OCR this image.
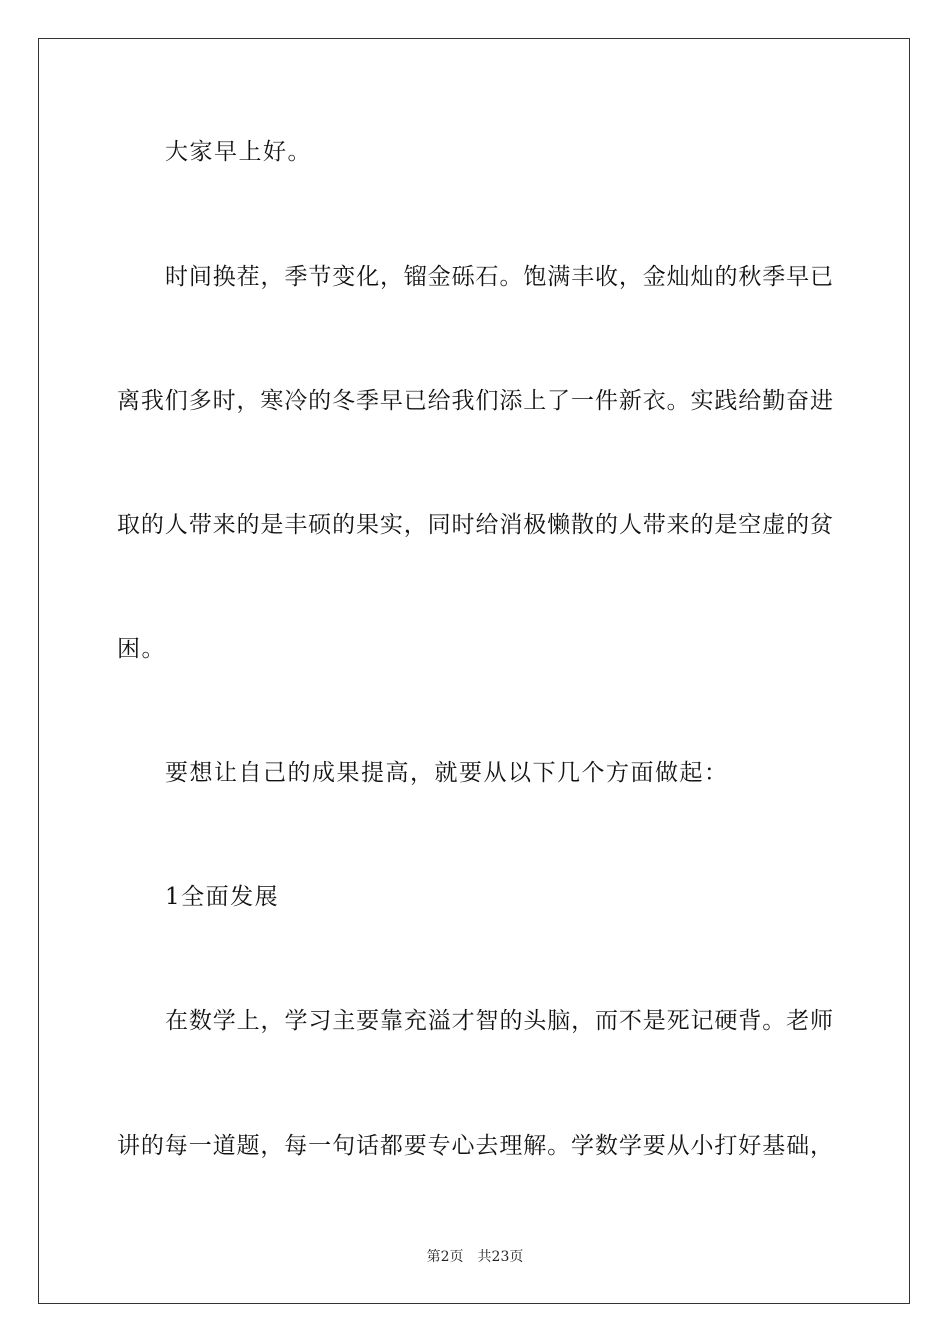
大家早上好。
时间换茬，季节变化，镏金砾石。饱满丰收，金灿灿的秋季早已
离我们多时，寒冷的冬季早已给我们添上了一件新衣。实践给勤奋进
取的人带来的是丰硕的果实，同时给消极懒散的人带来的是空虚的贫
困。
要想让自己的成果提高，就要从以下几个方面做起：
1全面发展
在数学上，学习主要靠充溢才智的头脑，而不是死记硬背。老师
讲的每一道题，每一句话都要专心去理解。学数学要从小打好基础，
第2页 共23页
